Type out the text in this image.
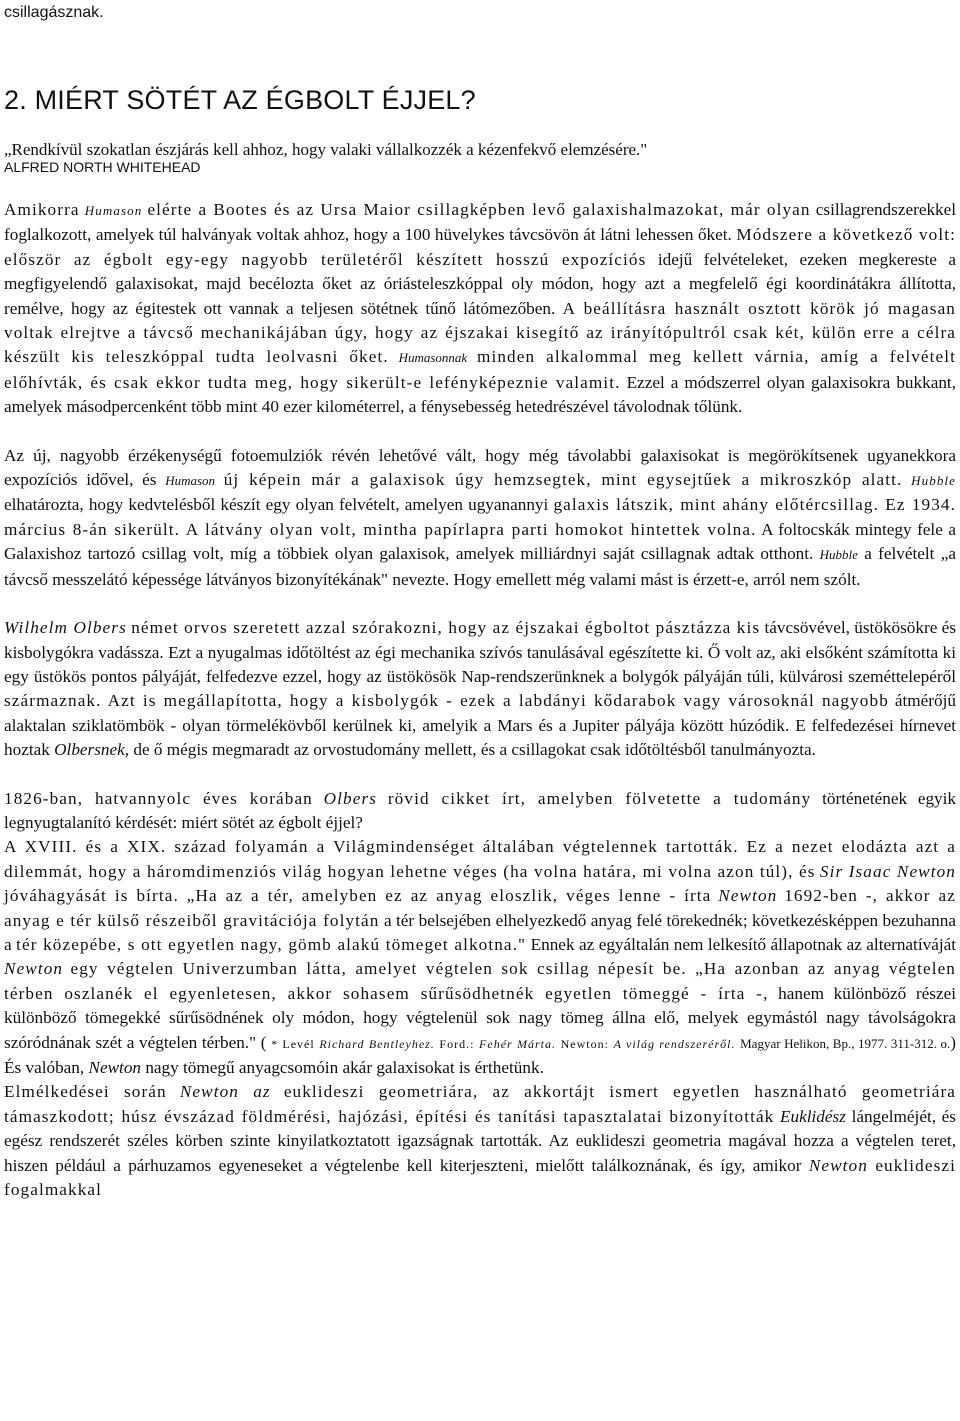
csillagásznak.

2. MIÉRT SÖTÉT AZ ÉGBOLT ÉJJEL?

„Rendkívül szokatlan észjárás kell ahhoz, hogy valaki vállalkozzék a kézenfekvő elemzésére."

ALFRED NORTH WHITEHEAD

Amikorra Humason elérte a Bootes és az Ursa Maior csillagképben levő galaxishalmazokat, már olyan csillagrendszerekkel foglalkozott, amelyek túl halványak voltak ahhoz, hogy a 100 hüvelykes távcsövön át látni lehessen őket. Módszere a következő volt: először az égbolt egy-egy nagyobb területéről készített hosszú expozíciós idejű felvételeket, ezeken megkereste a megfigyelendő galaxisokat, majd becélozta őket az óriásteleszkóppal oly módon, hogy azt a megfelelő égi koordinátákra állította, remélve, hogy az égitestek ott vannak a teljesen sötétnek tűnő látómezőben. A beállításra használt osztott körök jó magasan voltak elrejtve a távcső mechanikájában úgy, hogy az éjszakai kisegítő az irányítópultról csak két, külön erre a célra készült kis teleszkóppal tudta leolvasni őket. Humasonnak minden alkalommal meg kellett várnia, amíg a felvételt előhívták, és csak ekkor tudta meg, hogy sikerült-e lefényképeznie valamit. Ezzel a módszerrel olyan galaxisokra bukkant, amelyek másodpercenként több mint 40 ezer kilométerrel, a fénysebesség hetedrészével távolodnak tőlünk.

Az új, nagyobb érzékenységű fotoemulziók révén lehetővé vált, hogy még távolabbi galaxisokat is megörökítsenek ugyanekkora expozíciós idővel, és Humason új képein már a galaxisok úgy hemzsegtek, mint egysejtűek a mikroszkóp alatt. Hubble elhatározta, hogy kedvtelésből készít egy olyan felvételt, amelyen ugyanannyi galaxis látszik, mint ahány előtércsillag. Ez 1934. március 8-án sikerült. A látvány olyan volt, mintha papírlapra parti homokot hintettek volna. A foltocskák mintegy fele a Galaxishoz tartozó csillag volt, míg a többiek olyan galaxisok, amelyek milliárdnyi saját csillagnak adtak otthont. Hubble a felvételt „a távcső messzelátó képessége látványos bizonyítékának" nevezte. Hogy emellett még valami mást is érzett-e, arról nem szólt.

Wilhelm Olbers német orvos szeretett azzal szórakozni, hogy az éjszakai égboltot pásztázza kis távcsövével, üstökösökre és kisbolygókra vadássza. Ezt a nyugalmas időtöltést az égi mechanika szívós tanulásával egészítette ki. Ő volt az, aki elsőként számította ki egy üstökös pontos pályáját, felfedezve ezzel, hogy az üstökösök Nap-rendszerünknek a bolygók pályáján túli, külvárosi szeméttelepéről származnak. Azt is megállapította, hogy a kisbolygók - ezek a labdányi kődarabok vagy városoknál nagyobb átmérőjű alaktalan sziklatömbök - olyan törmelékövből kerülnek ki, amelyik a Mars és a Jupiter pályája között húzódik. E felfedezései hírnevet hoztak Olbersnek, de ő mégis megmaradt az orvostudomány mellett, és a csillagokat csak időtöltésből tanulmányozta.

1826-ban, hatvannyolc éves korában Olbers rövid cikket írt, amelyben fölvetette a tudomány történetének egyik legnyugtalanító kérdését: miért sötét az égbolt éjjel?

A XVIII. és a XIX. század folyamán a Világmindenséget általában végtelennek tartották. Ez a nezet elodázta azt a dilemmát, hogy a háromdimenziós világ hogyan lehetne véges (ha volna határa, mi volna azon túl), és Sir Isaac Newton jóváhagyását is bírta. „Ha az a tér, amelyben ez az anyag eloszlik, véges lenne - írta Newton 1692-ben -, akkor az anyag e tér külső részeiből gravitációja folytán a tér belsejében elhelyezkedő anyag felé törekednék; következésképpen bezuhanna a tér közepébe, s ott egyetlen nagy, gömb alakú tömeget alkotna." Ennek az egyáltalán nem lelkesítő állapotnak az alternatíváját Newton egy végtelen Univerzumban látta, amelyet végtelen sok csillag népesít be. „Ha azonban az anyag végtelen térben oszlanék el egyenletesen, akkor sohasem sűrűsödhetnék egyetlen tömeggé - írta -, hanem különböző részei különböző tömegekké sűrűsödnének oly módon, hogy végtelenül sok nagy tömeg állna elő, melyek egymástól nagy távolságokra szóródnának szét a végtelen térben." ( * Levél Richard Bentleyhez. Ford.: Fehér Márta. Newton: A világ rendszeréről. Magyar Helikon, Bp., 1977. 311-312. o.) És valóban, Newton nagy tömegű anyagcsomóin akár galaxisokat is érthetünk.

Elmélkedései során Newton az euklideszi geometriára, az akkortájt ismert egyetlen használható geometriára támaszkodott; húsz évszázad földmérési, hajózási, építési és tanítási tapasztalatai bizonyították Euklidész lángelméjét, és egész rendszerét széles körben szinte kinyilatkoztatott igazságnak tartották. Az euklideszi geometria magával hozza a végtelen teret, hiszen például a párhuzamos egyeneseket a végtelenbe kell kiterjeszteni, mielőtt találkoznának, és így, amikor Newton euklideszi fogalmakkal
